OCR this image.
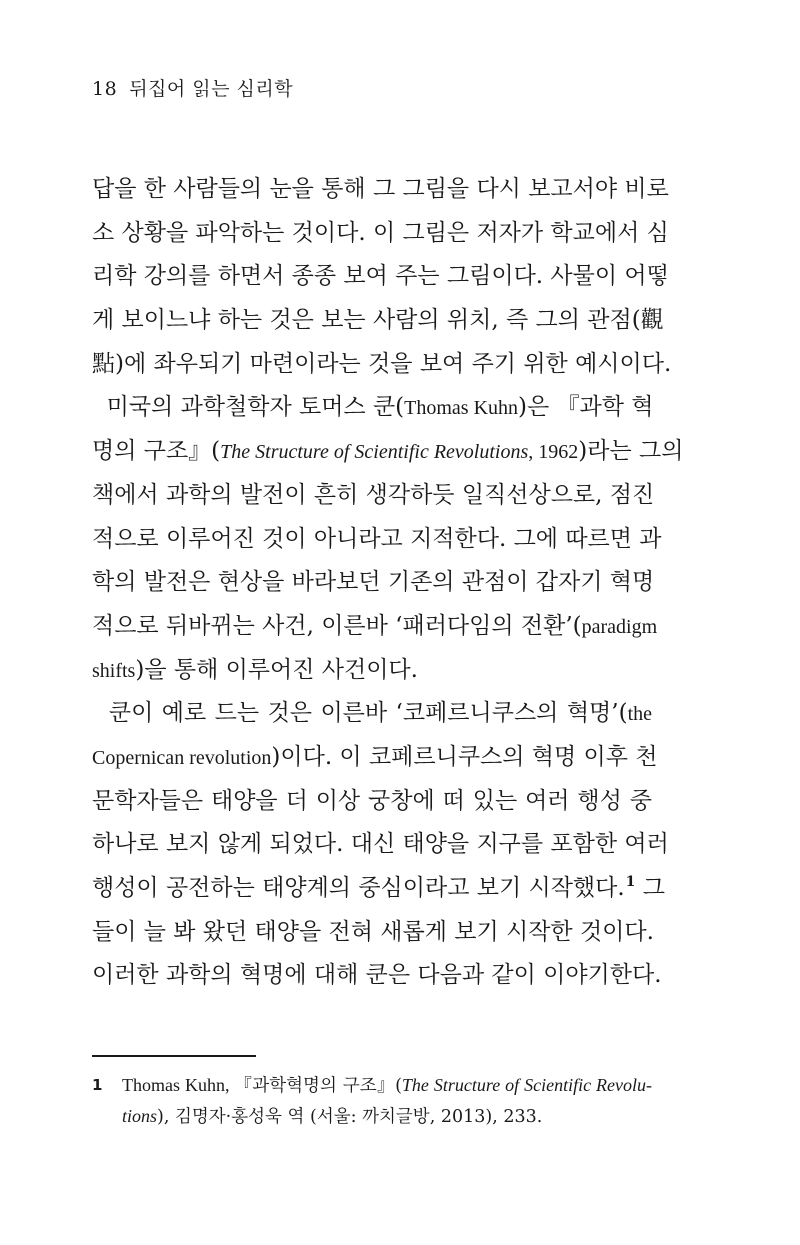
18 뒤집어 읽는 심리학
답을 한 사람들의 눈을 통해 그 그림을 다시 보고서야 비로
소 상황을 파악하는 것이다. 이 그림은 저자가 학교에서 심
리학 강의를 하면서 종종 보여 주는 그림이다. 사물이 어떻
게 보이느냐 하는 것은 보는 사람의 위치, 즉 그의 관점(觀
點)에 좌우되기 마련이라는 것을 보여 주기 위한 예시이다.
미국의 과학철학자 토머스 쿤(Thomas Kuhn)은 『과학 혁
명의 구조』(The Structure of Scientific Revolutions, 1962)라는 그의
책에서 과학의 발전이 흔히 생각하듯 일직선상으로, 점진
적으로 이루어진 것이 아니라고 지적한다. 그에 따르면 과
학의 발전은 현상을 바라보던 기존의 관점이 갑자기 혁명
적으로 뒤바뀌는 사건, 이른바 ‘패러다임의 전환’(paradigm
shifts)을 통해 이루어진 사건이다.
쿤이 예로 드는 것은 이른바 ‘코페르니쿠스의 혁명’(the
Copernican revolution)이다. 이 코페르니쿠스의 혁명 이후 천
문학자들은 태양을 더 이상 궁창에 떠 있는 여러 행성 중
하나로 보지 않게 되었다. 대신 태양을 지구를 포함한 여러
행성이 공전하는 태양계의 중심이라고 보기 시작했다.$^1$ 그
들이 늘 봐 왔던 태양을 전혀 새롭게 보기 시작한 것이다.
이러한 과학의 혁명에 대해 쿤은 다음과 같이 이야기한다.
1 Thomas Kuhn, 『과학혁명의 구조』(The Structure of Scientific Revolu-
tions), 김명자·홍성욱 역 (서울: 까치글방, 2013), 233.
